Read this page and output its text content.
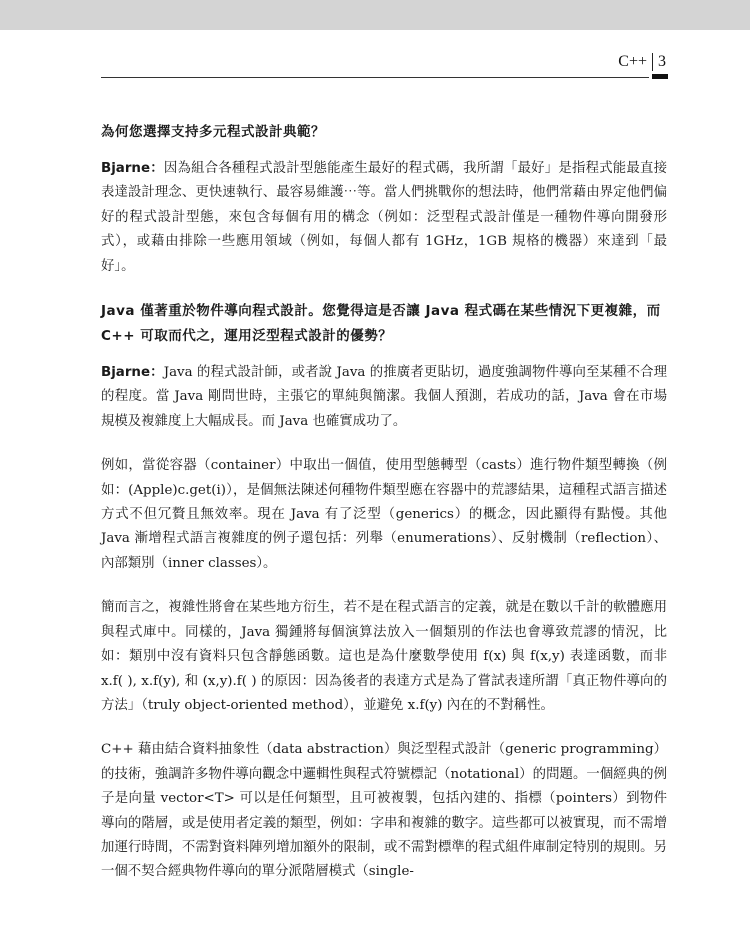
C++ 3
為何您選擇支持多元程式設計典範？
Bjarne：因為組合各種程式設計型態能產生最好的程式碼，我所謂「最好」是指程式能最直接表達設計理念、更快速執行、最容易維護⋯等。當人們挑戰你的想法時，他們常藉由界定他們偏好的程式設計型態，來包含每個有用的構念（例如：泛型程式設計僅是一種物件導向開發形式），或藉由排除一些應用領域（例如，每個人都有 1GHz，1GB 規格的機器）來達到「最好」。
Java 僅著重於物件導向程式設計。您覺得這是否讓 Java 程式碼在某些情況下更複雜，而 C++ 可取而代之，運用泛型程式設計的優勢？
Bjarne：Java 的程式設計師，或者說 Java 的推廣者更貼切，過度強調物件導向至某種不合理的程度。當 Java 剛問世時，主張它的單純與簡潔。我個人預測，若成功的話，Java 會在市場規模及複雜度上大幅成長。而 Java 也確實成功了。
例如，當從容器（container）中取出一個值，使用型態轉型（casts）進行物件類型轉換（例如：(Apple)c.get(i)），是個無法陳述何種物件類型應在容器中的荒謬結果，這種程式語言描述方式不但冗贅且無效率。現在 Java 有了泛型（generics）的概念，因此顯得有點慢。其他 Java 漸增程式語言複雜度的例子還包括：列舉（enumerations）、反射機制（reflection）、內部類別（inner classes）。
簡而言之，複雜性將會在某些地方衍生，若不是在程式語言的定義，就是在數以千計的軟體應用與程式庫中。同樣的，Java 獨鍾將每個演算法放入一個類別的作法也會導致荒謬的情況，比如：類別中沒有資料只包含靜態函數。這也是為什麼數學使用 f(x) 與 f(x,y) 表達函數，而非 x.f( ), x.f(y), 和 (x,y).f( ) 的原因：因為後者的表達方式是為了嘗試表達所謂「真正物件導向的方法」（truly object-oriented method），並避免 x.f(y) 內在的不對稱性。
C++ 藉由結合資料抽象性（data abstraction）與泛型程式設計（generic programming）的技術，強調許多物件導向觀念中邏輯性與程式符號標記（notational）的問題。一個經典的例子是向量 vector<T> 可以是任何類型，且可被複製，包括內建的、指標（pointers）到物件導向的階層，或是使用者定義的類型，例如：字串和複雜的數字。這些都可以被實現，而不需增加運行時間，不需對資料陣列增加額外的限制，或不需對標準的程式組件庫制定特別的規則。另一個不契合經典物件導向的單分派階層模式（single-
